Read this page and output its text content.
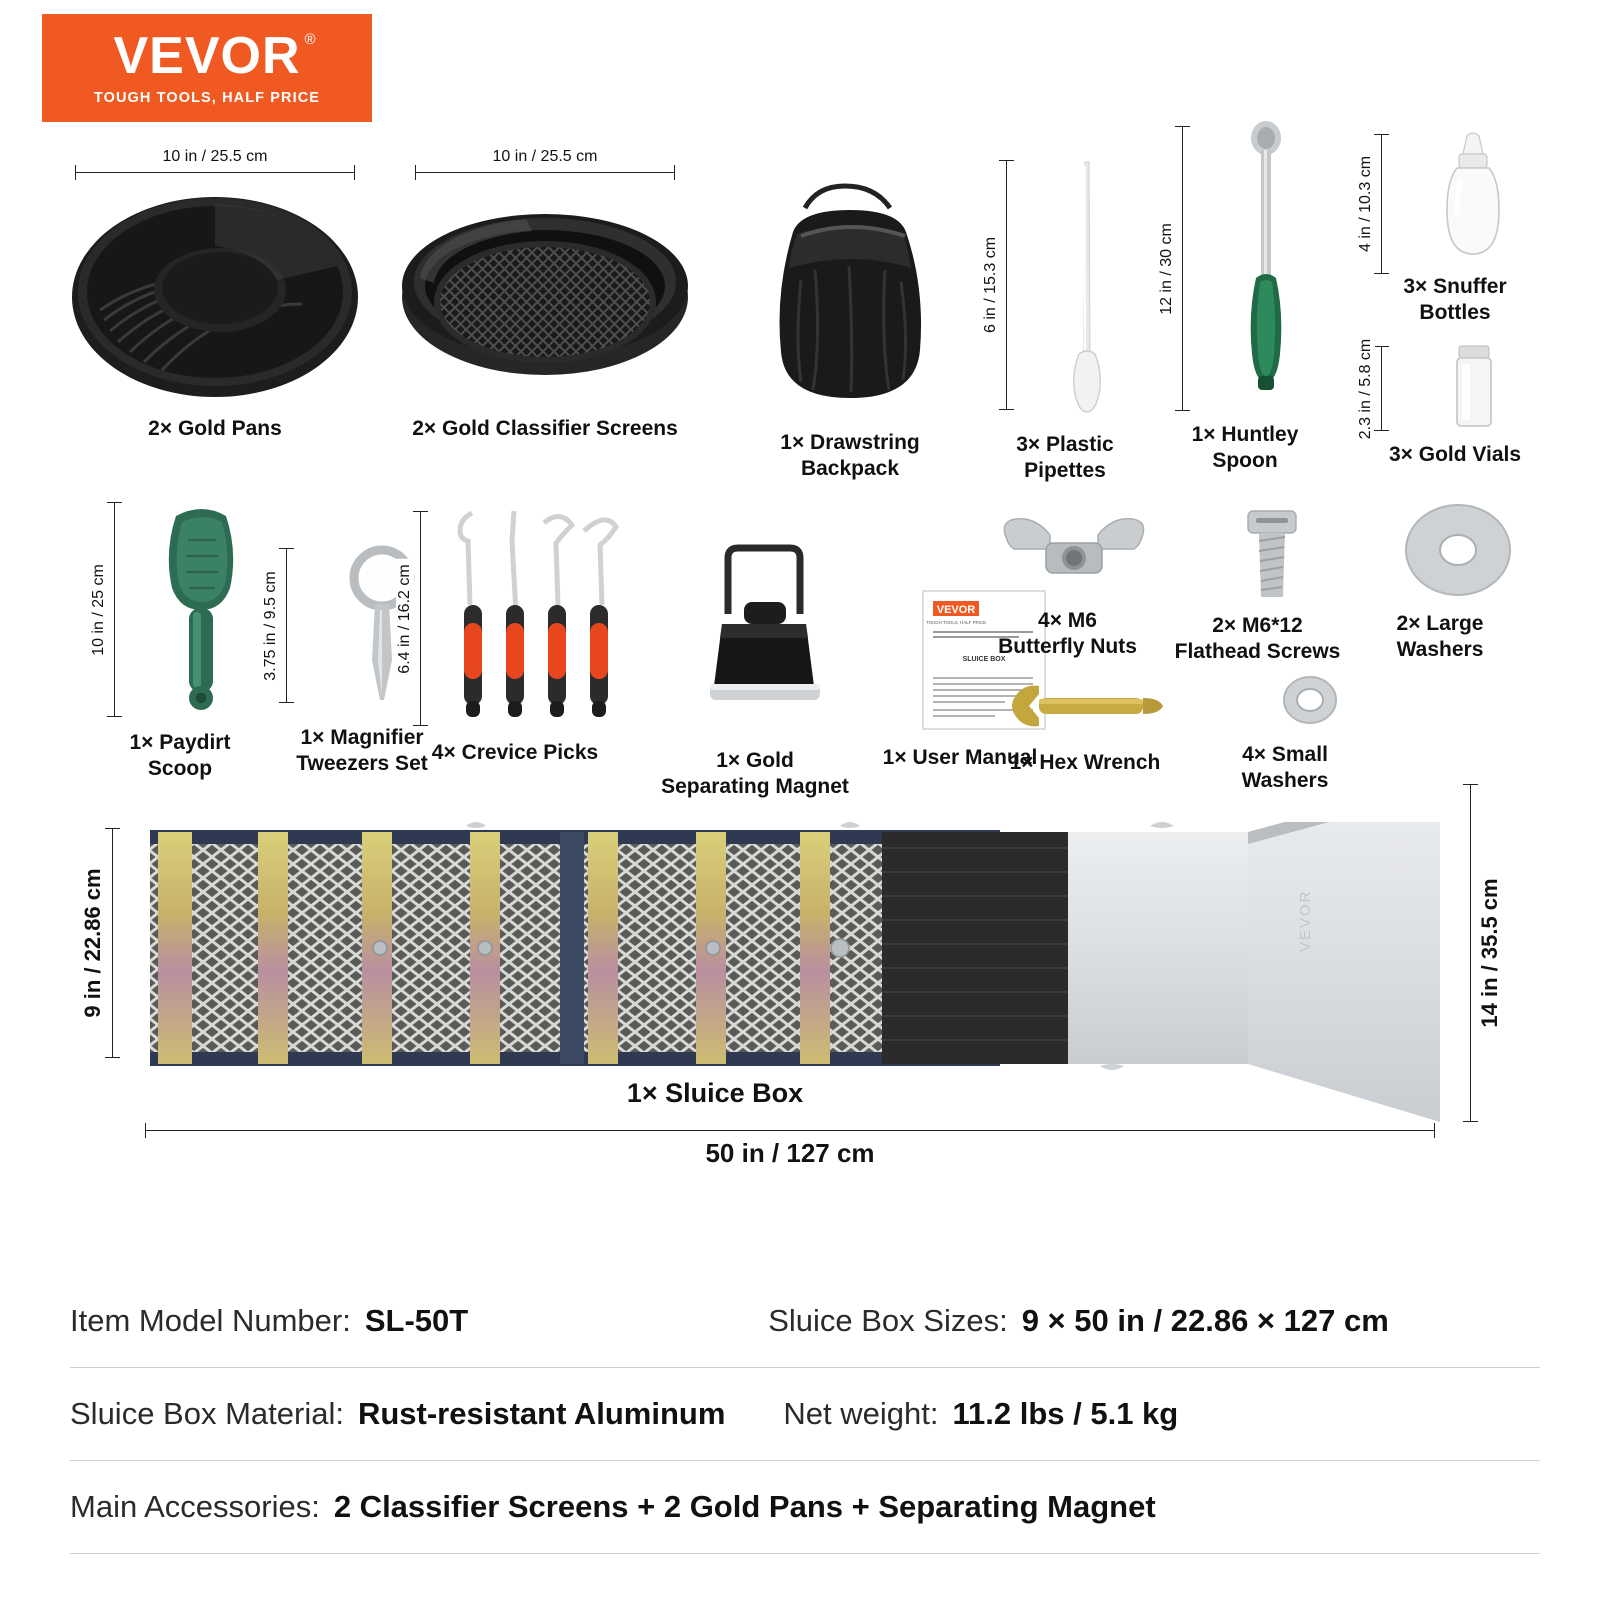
VEVOR ®
TOUGH TOOLS, HALF PRICE
10 in / 25.5 cm
2× Gold Pans
10 in / 25.5 cm
2× Gold Classifier Screens
1× Drawstring
Backpack
6 in / 15.3 cm
3× Plastic
Pipettes
12 in / 30 cm
1× Huntley
Spoon
4 in / 10.3 cm
3× Snuffer
Bottles
2.3 in / 5.8 cm
3× Gold Vials
10 in / 25 cm
1× Paydirt
Scoop
3.75 in / 9.5 cm
1× Magnifier
Tweezers Set
6.4 in / 16.2 cm
4× Crevice Picks	1× Gold
Separating Magnet
VEVOR
TOUGH TOOLS, HALF PRICE
SLUICE BOX
1× User Manual
4× M6
Butterfly Nuts
2× M6*12
Flathead Screws
2× Large
Washers
1× Hex Wrench	4× Small
Washers
9 in / 22.86 cm	14 in / 35.5 cm
50 in / 127 cm
VEVOR
1× Sluice Box
Item Model Number: SL-50T	Sluice Box Sizes: 9 × 50 in / 22.86 × 127 cm
Sluice Box Material: Rust-resistant Aluminum Net weight: 11.2 lbs / 5.1 kg
Main Accessories: 2 Classifier Screens + 2 Gold Pans + Separating Magnet
